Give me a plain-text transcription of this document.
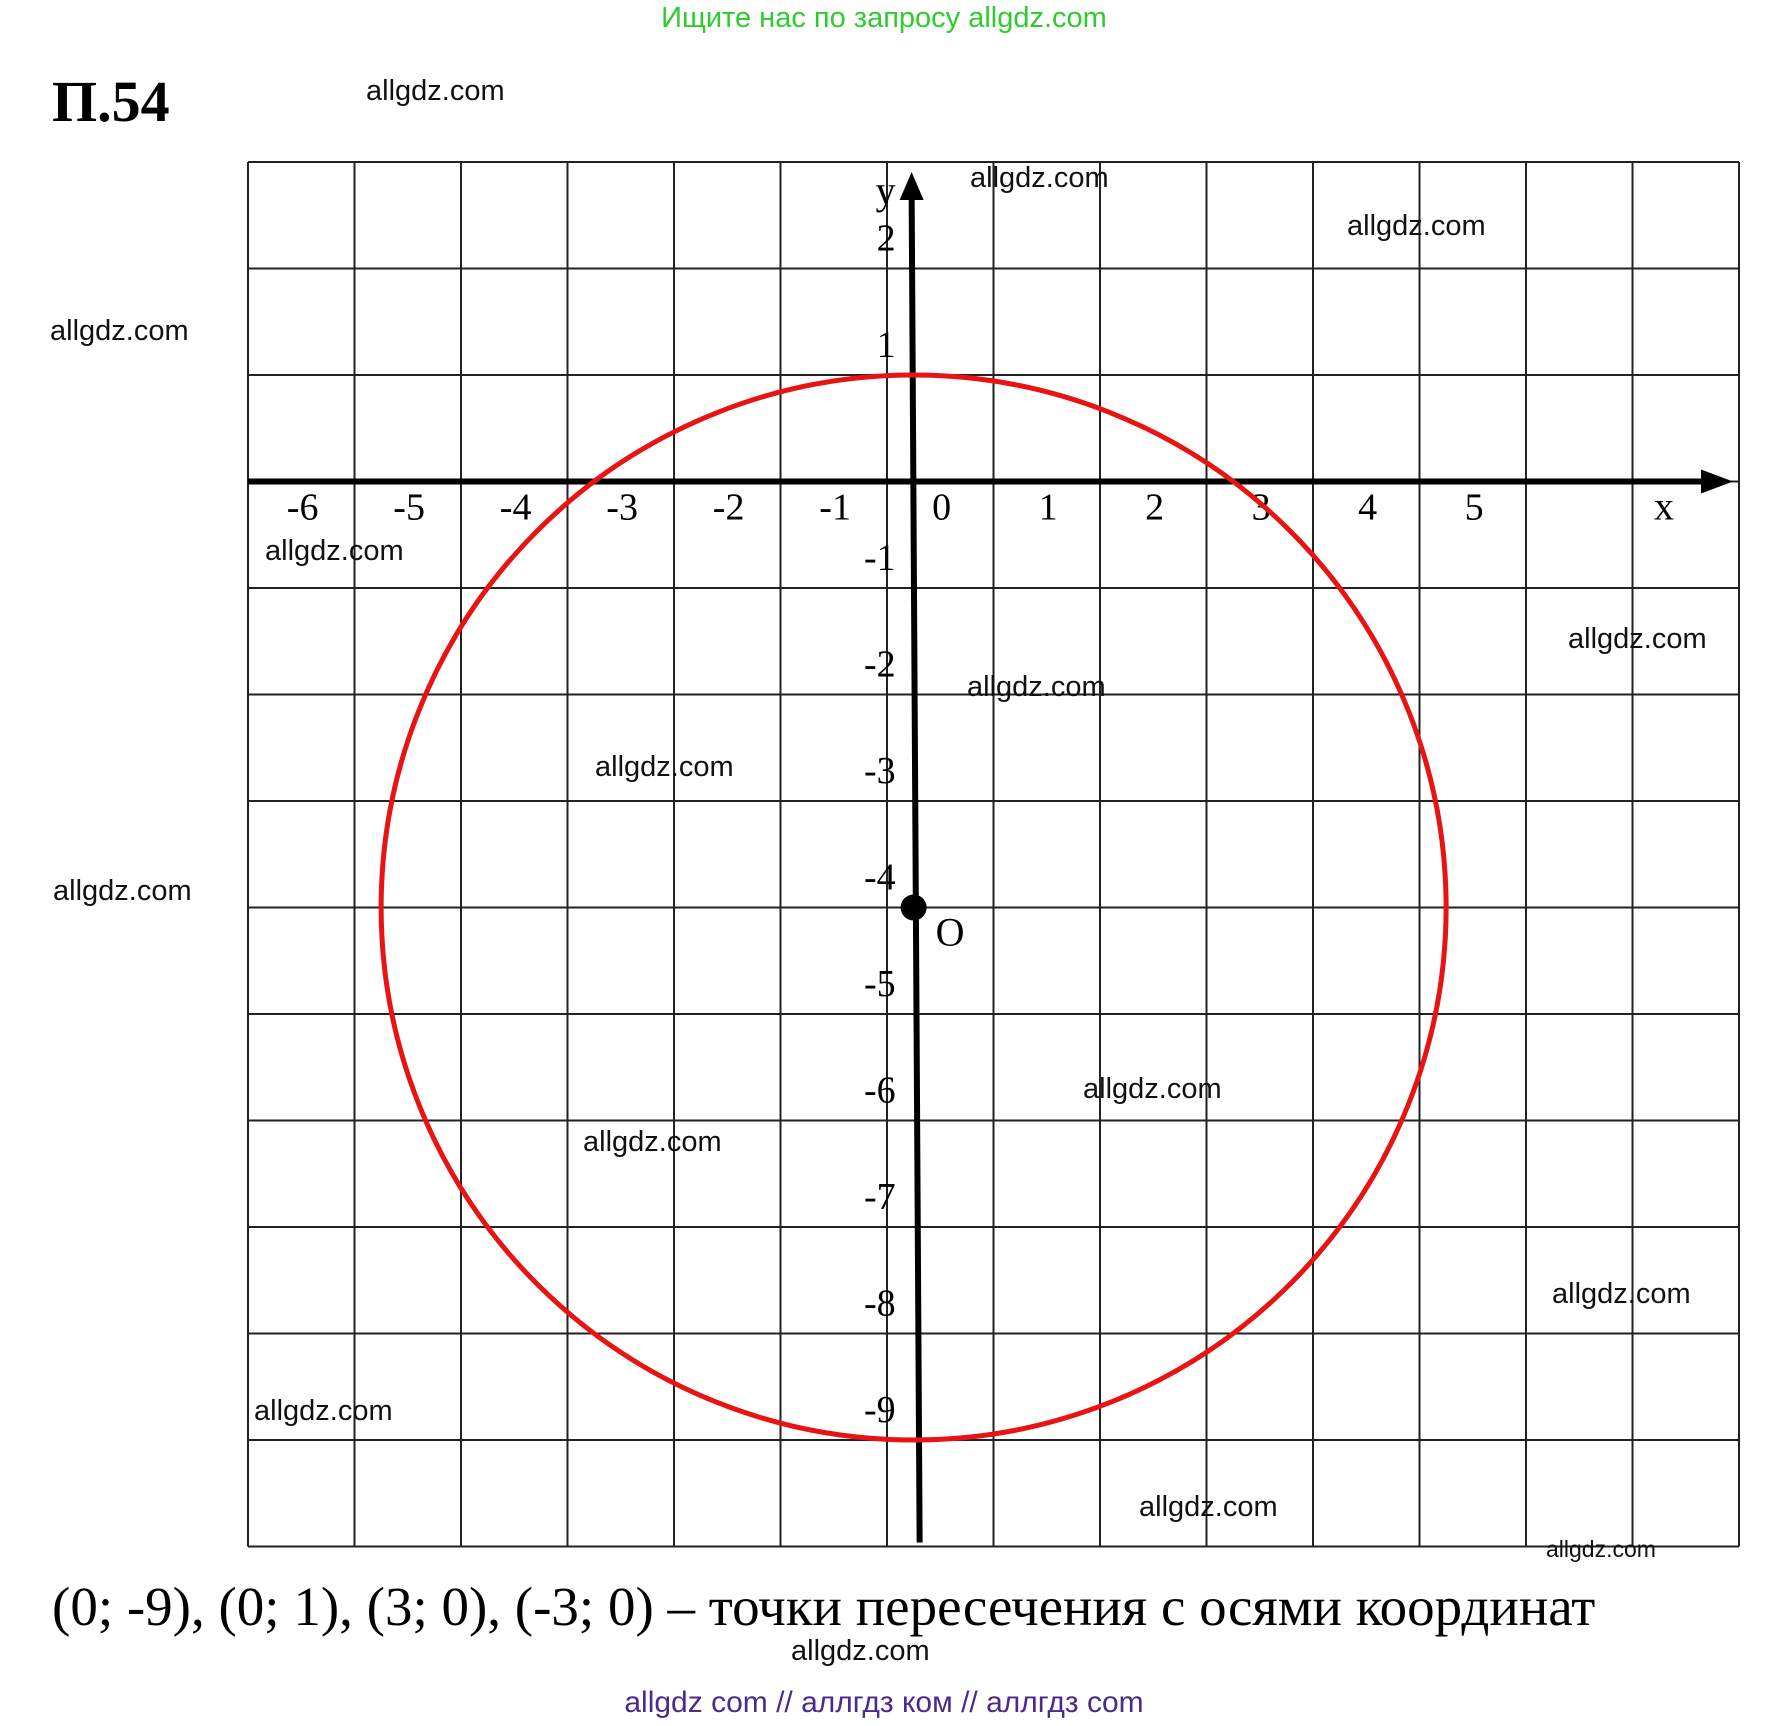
Ищите нас по запросу allgdz.com
П.54
x
y
-6 -5 -4 -3 -2 -1 0 1 2 3 4 5
2
1
-1
-2
-3
-4
-5
-6
-7
-8
-9
O
allgdz.com
allgdz.com
allgdz.com
allgdz.com
allgdz.com
allgdz.com
allgdz.com
allgdz.com
allgdz.com
allgdz.com
allgdz.com
allgdz.com
allgdz.com
allgdz.com
allgdz.com
allgdz.com
(0; -9), (0; 1), (3; 0), (-3; 0) – точки пересечения с осями координат
allgdz com // аллгдз ком // аллгдз com
